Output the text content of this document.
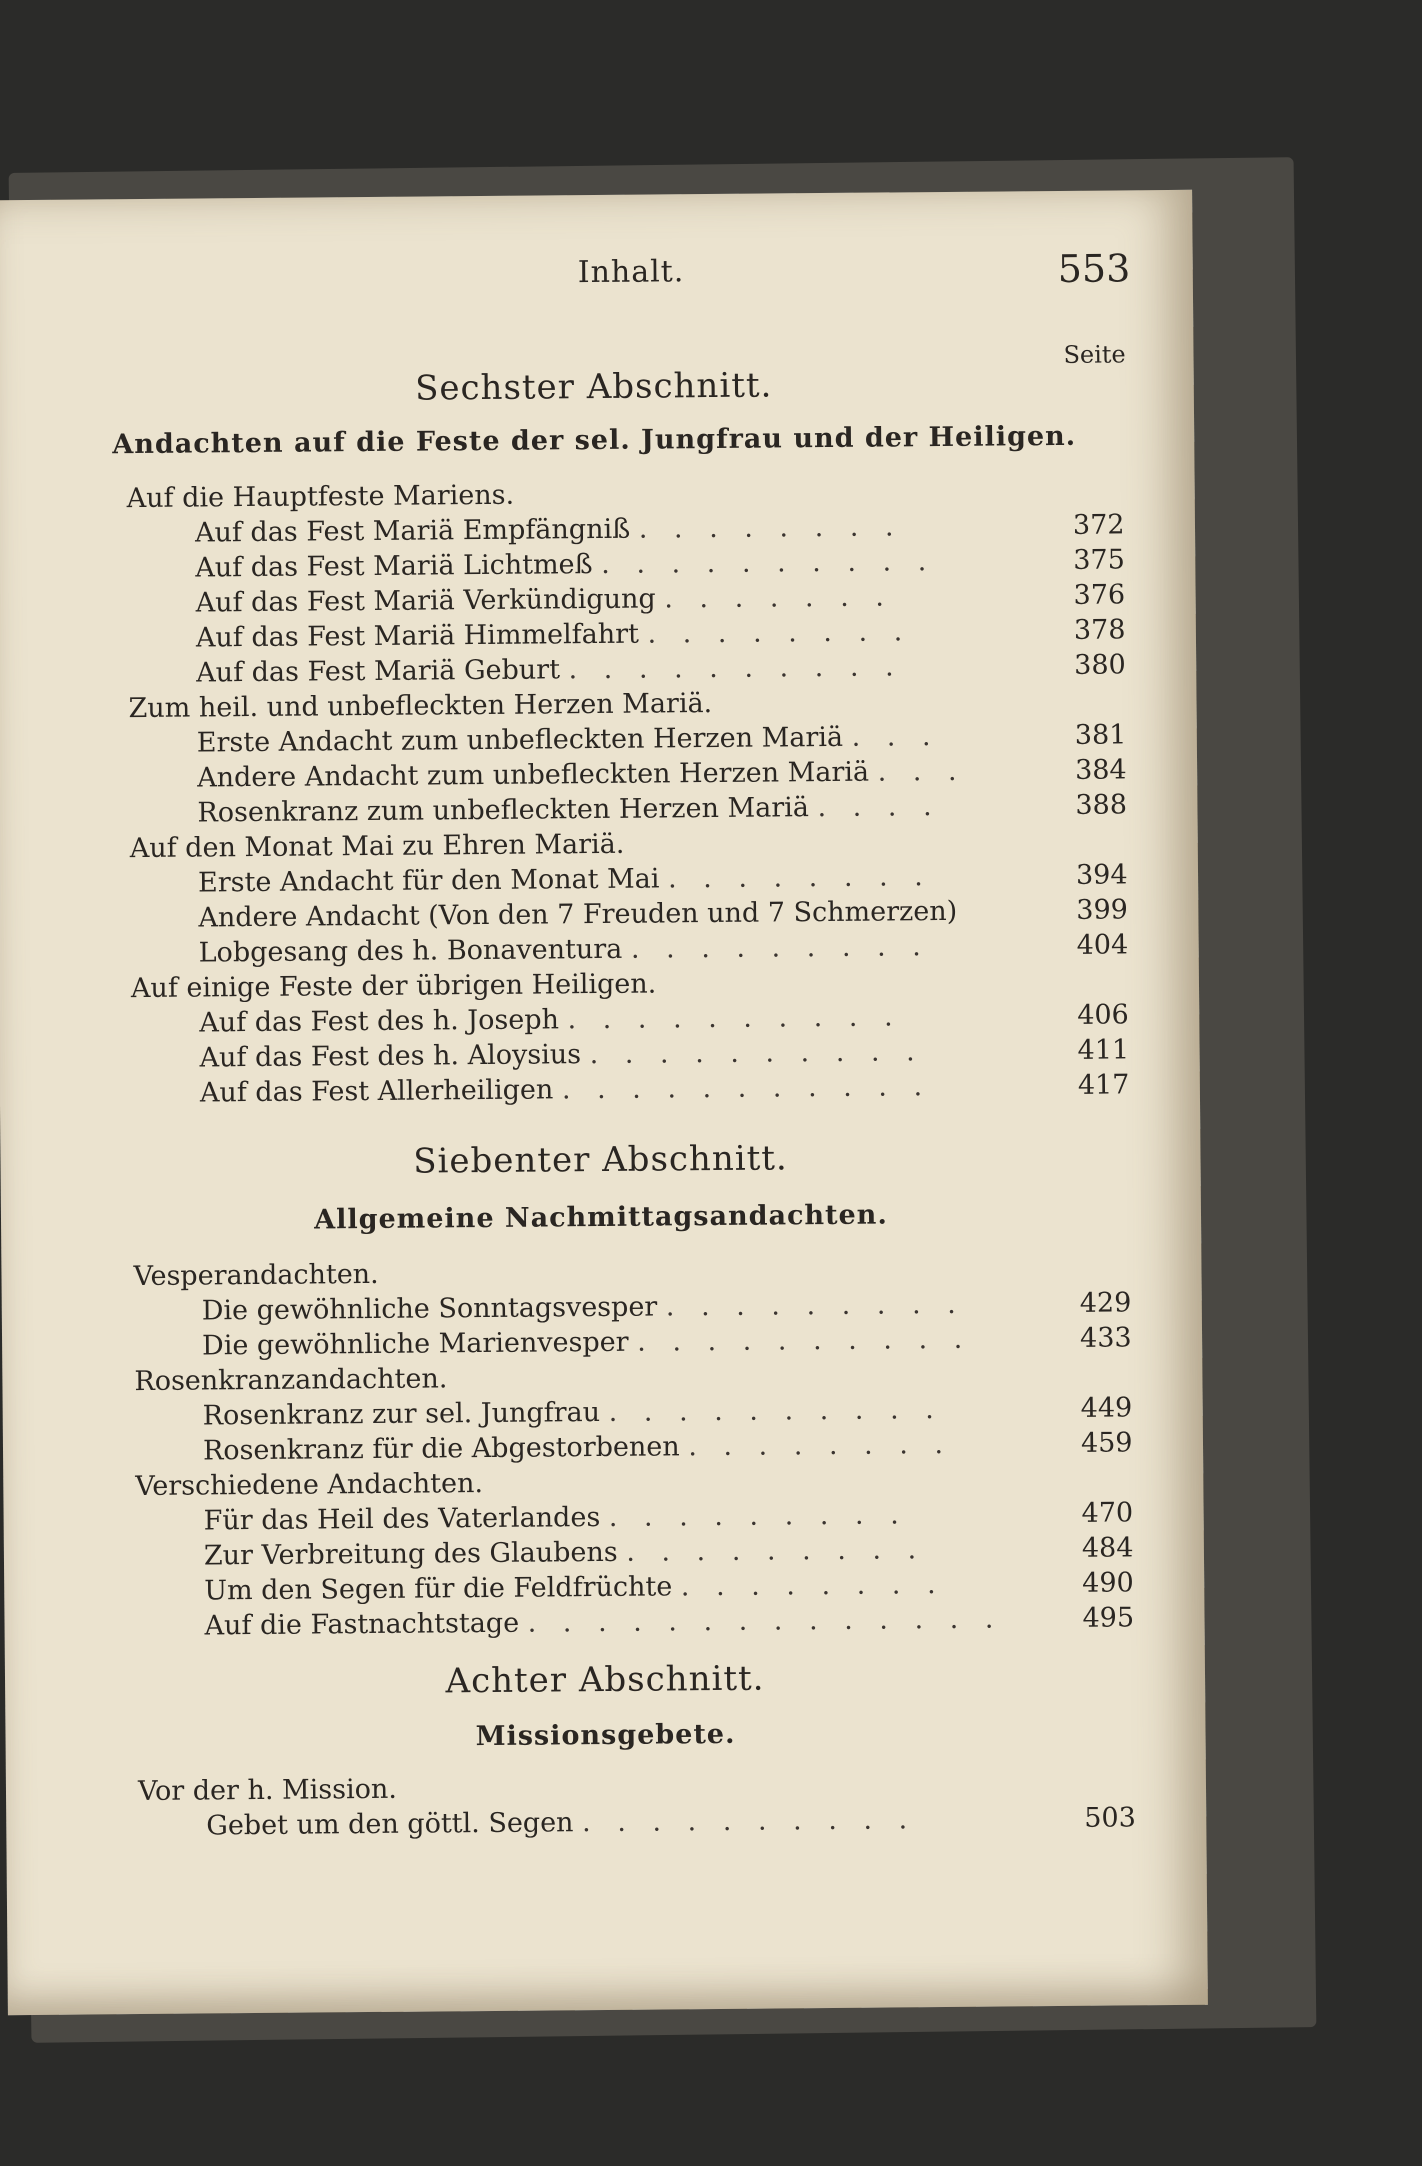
Inhalt.	553
Seite
Sechster Abschnitt.
Andachten auf die Feste der sel. Jungfrau und der Heiligen.
Auf die Hauptfeste Mariens.
Auf das Fest Mariä Empfängniß . . . . . . . .	372
Auf das Fest Mariä Lichtmeß . . . . . . . . . .	375
Auf das Fest Mariä Verkündigung . . . . . . .	376
Auf das Fest Mariä Himmelfahrt . . . . . . . .	378
Auf das Fest Mariä Geburt . . . . . . . . . .	380
Zum heil. und unbefleckten Herzen Mariä.
Erste Andacht zum unbefleckten Herzen Mariä . . .	381
Andere Andacht zum unbefleckten Herzen Mariä . . .	384
Rosenkranz zum unbefleckten Herzen Mariä . . . .	388
Auf den Monat Mai zu Ehren Mariä.
Erste Andacht für den Monat Mai . . . . . . . .	394
Andere Andacht (Von den 7 Freuden und 7 Schmerzen)	399
Lobgesang des h. Bonaventura . . . . . . . . .	404
Auf einige Feste der übrigen Heiligen.
Auf das Fest des h. Joseph . . . . . . . . . .	406
Auf das Fest des h. Aloysius . . . . . . . . . .	411
Auf das Fest Allerheiligen . . . . . . . . . . .	417
Siebenter Abschnitt.
Allgemeine Nachmittagsandachten.
Vesperandachten.
Die gewöhnliche Sonntagsvesper . . . . . . . . .	429
Die gewöhnliche Marienvesper . . . . . . . . . .	433
Rosenkranzandachten.
Rosenkranz zur sel. Jungfrau . . . . . . . . . .	449
Rosenkranz für die Abgestorbenen . . . . . . . .	459
Verschiedene Andachten.
Für das Heil des Vaterlandes . . . . . . . . .	470
Zur Verbreitung des Glaubens . . . . . . . . .	484
Um den Segen für die Feldfrüchte . . . . . . . .	490
Auf die Fastnachtstage . . . . . . . . . . . . . .	495
Achter Abschnitt.
Missionsgebete.
Vor der h. Mission.
Gebet um den göttl. Segen . . . . . . . . . .	503
